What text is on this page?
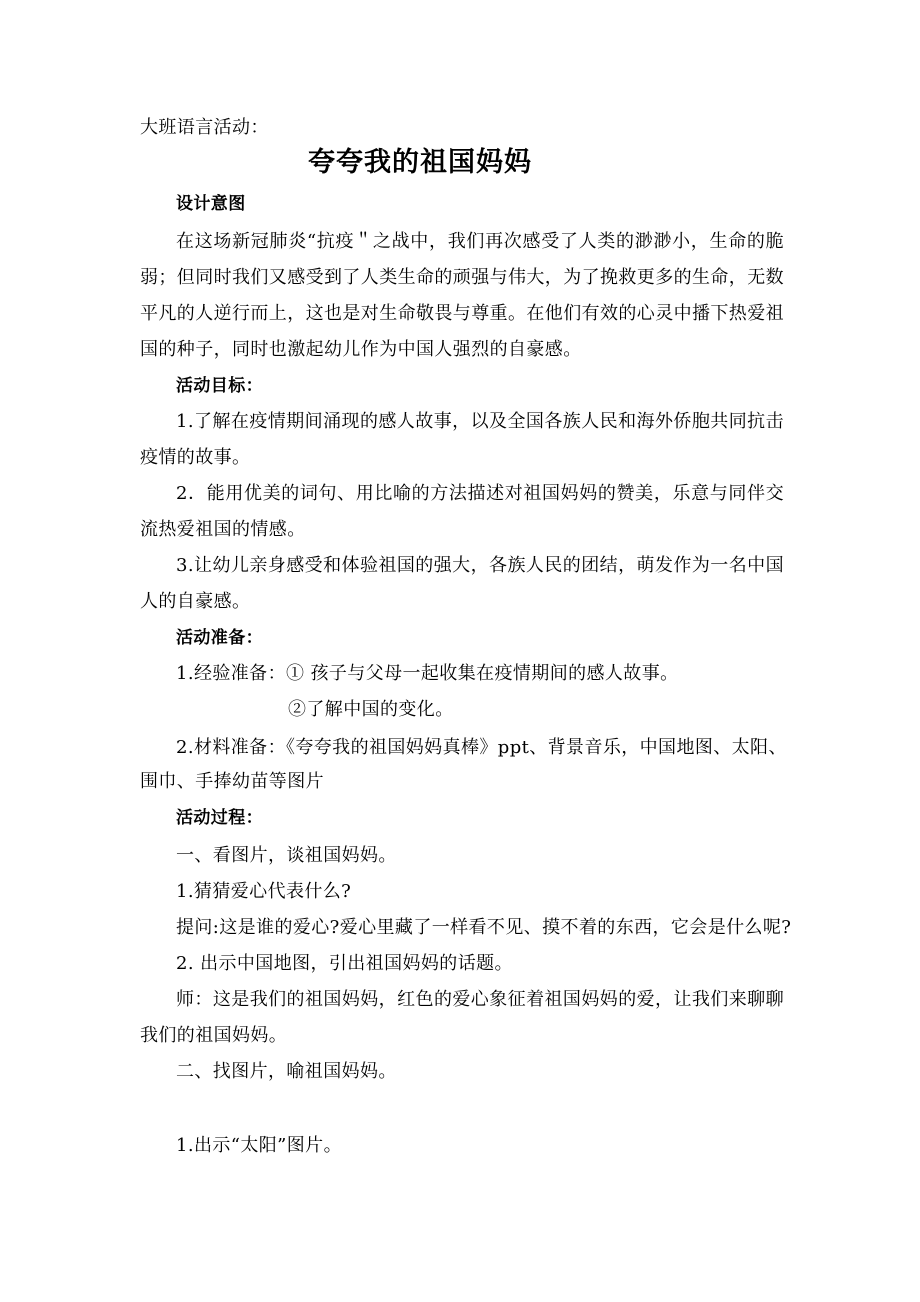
大班语言活动：
夸夸我的祖国妈妈
设计意图
在这场新冠肺炎“抗疫＂之战中，我们再次感受了人类的渺渺小，生命的脆
弱；但同时我们又感受到了人类生命的顽强与伟大，为了挽救更多的生命，无数
平凡的人逆行而上，这也是对生命敬畏与尊重。在他们有效的心灵中播下热爱祖
国的种子，同时也激起幼儿作为中国人强烈的自豪感。
活动目标：
1.了解在疫情期间涌现的感人故事，以及全国各族人民和海外侨胞共同抗击
疫情的故事。
2．能用优美的词句、用比喻的方法描述对祖国妈妈的赞美，乐意与同伴交
流热爱祖国的情感。
3.让幼儿亲身感受和体验祖国的强大，各族人民的团结，萌发作为一名中国
人的自豪感。
活动准备：
1.经验准备：① 孩子与父母一起收集在疫情期间的感人故事。
②了解中国的变化。
2.材料准备：《夸夸我的祖国妈妈真棒》ppt、背景音乐，中国地图、太阳、
围巾、手捧幼苗等图片
活动过程：
一、看图片，谈祖国妈妈。
1.猜猜爱心代表什么?
提问:这是谁的爱心?爱心里藏了一样看不见、摸不着的东西，它会是什么呢?
2. 出示中国地图，引出祖国妈妈的话题。
师：这是我们的祖国妈妈，红色的爱心象征着祖国妈妈的爱，让我们来聊聊
我们的祖国妈妈。
二、找图片，喻祖国妈妈。
1.出示“太阳”图片。
